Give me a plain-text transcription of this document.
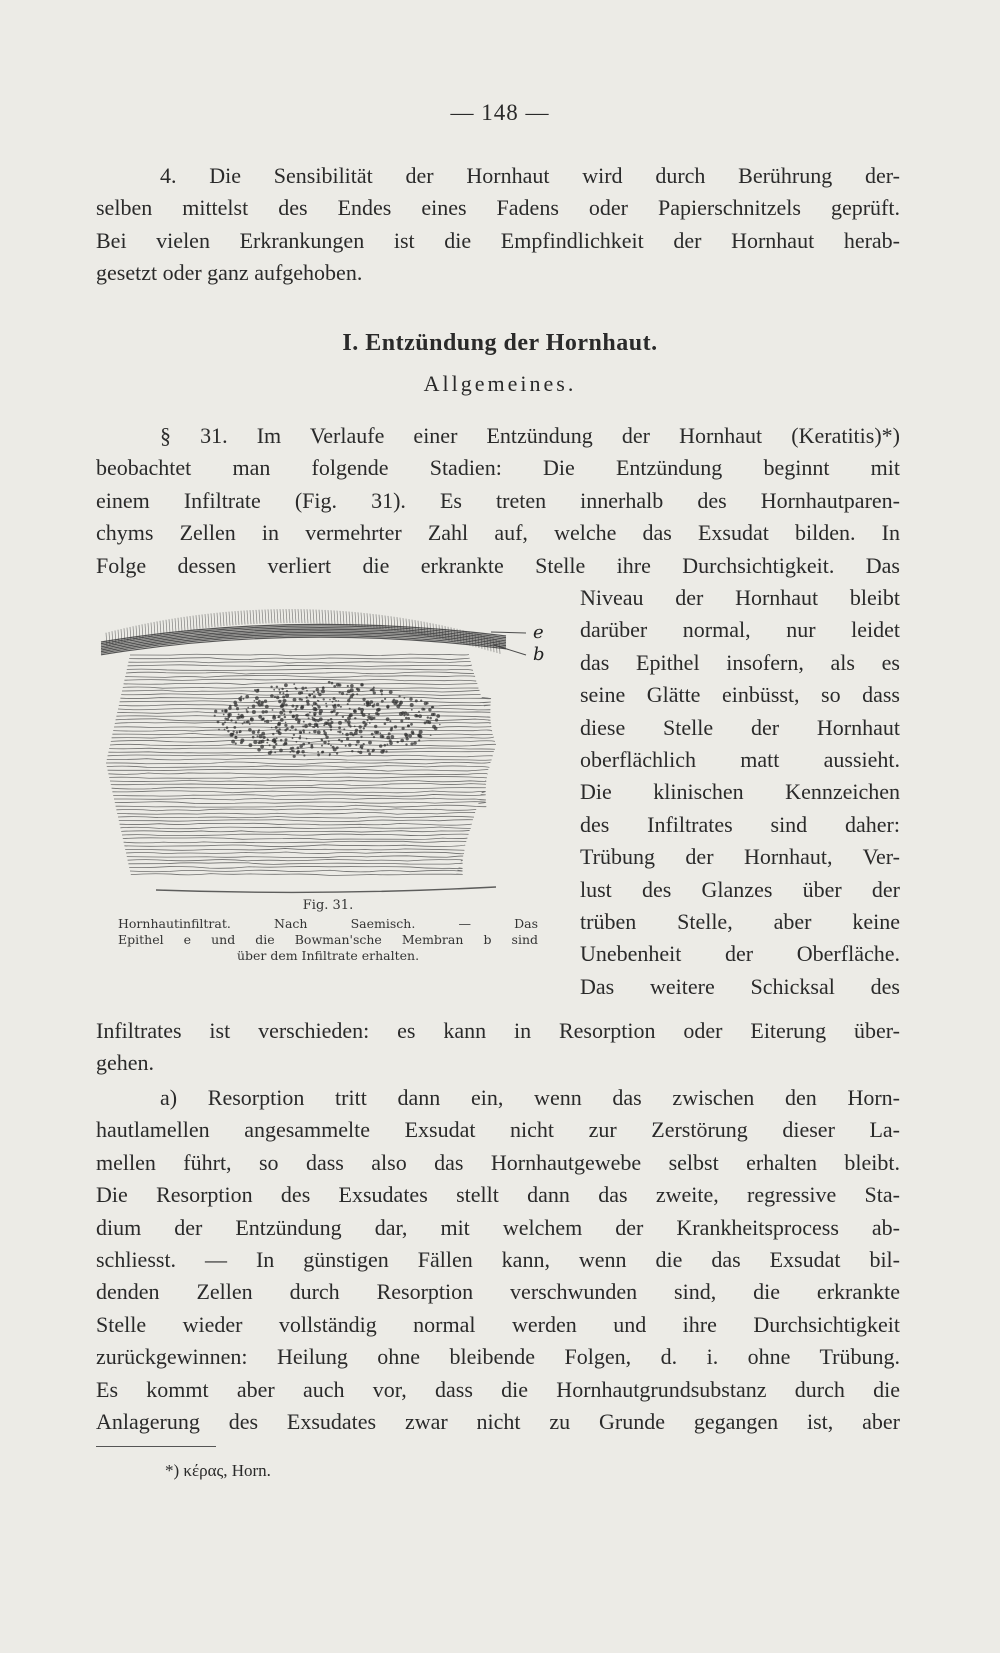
— 148 —
4. Die Sensibilität der Hornhaut wird durch Berührung der-
selben mittelst des Endes eines Fadens oder Papierschnitzels geprüft.
Bei vielen Erkrankungen ist die Empfindlichkeit der Hornhaut herab-
gesetzt oder ganz aufgehoben.
I. Entzündung der Hornhaut.
Allgemeines.
§ 31. Im Verlaufe einer Entzündung der Hornhaut (Keratitis)*)
beobachtet man folgende Stadien: Die Entzündung beginnt mit
einem Infiltrate (Fig. 31). Es treten innerhalb des Hornhautparen-
chyms Zellen in vermehrter Zahl auf, welche das Exsudat bilden. In
Folge dessen verliert die erkrankte Stelle ihre Durchsichtigkeit. Das
Niveau der Hornhaut bleibt
darüber normal, nur leidet
das Epithel insofern, als es
seine Glätte einbüsst, so dass
diese Stelle der Hornhaut
oberflächlich matt aussieht.
Die klinischen Kennzeichen
des Infiltrates sind daher:
Trübung der Hornhaut, Ver-
lust des Glanzes über der
trüben Stelle, aber keine
Unebenheit der Oberfläche.
Das weitere Schicksal des
e
b
Fig. 31.
Hornhautinfiltrat. Nach Saemisch. — Das
Epithel e und die Bowman'sche Membran b sind
über dem Infiltrate erhalten.
Infiltrates ist verschieden: es kann in Resorption oder Eiterung über-
gehen.
a) Resorption tritt dann ein, wenn das zwischen den Horn-
hautlamellen angesammelte Exsudat nicht zur Zerstörung dieser La-
mellen führt, so dass also das Hornhautgewebe selbst erhalten bleibt.
Die Resorption des Exsudates stellt dann das zweite, regressive Sta-
dium der Entzündung dar, mit welchem der Krankheitsprocess ab-
schliesst. — In günstigen Fällen kann, wenn die das Exsudat bil-
denden Zellen durch Resorption verschwunden sind, die erkrankte
Stelle wieder vollständig normal werden und ihre Durchsichtigkeit
zurückgewinnen: Heilung ohne bleibende Folgen, d. i. ohne Trübung.
Es kommt aber auch vor, dass die Hornhautgrundsubstanz durch die
Anlagerung des Exsudates zwar nicht zu Grunde gegangen ist, aber
*) κέρας, Horn.
